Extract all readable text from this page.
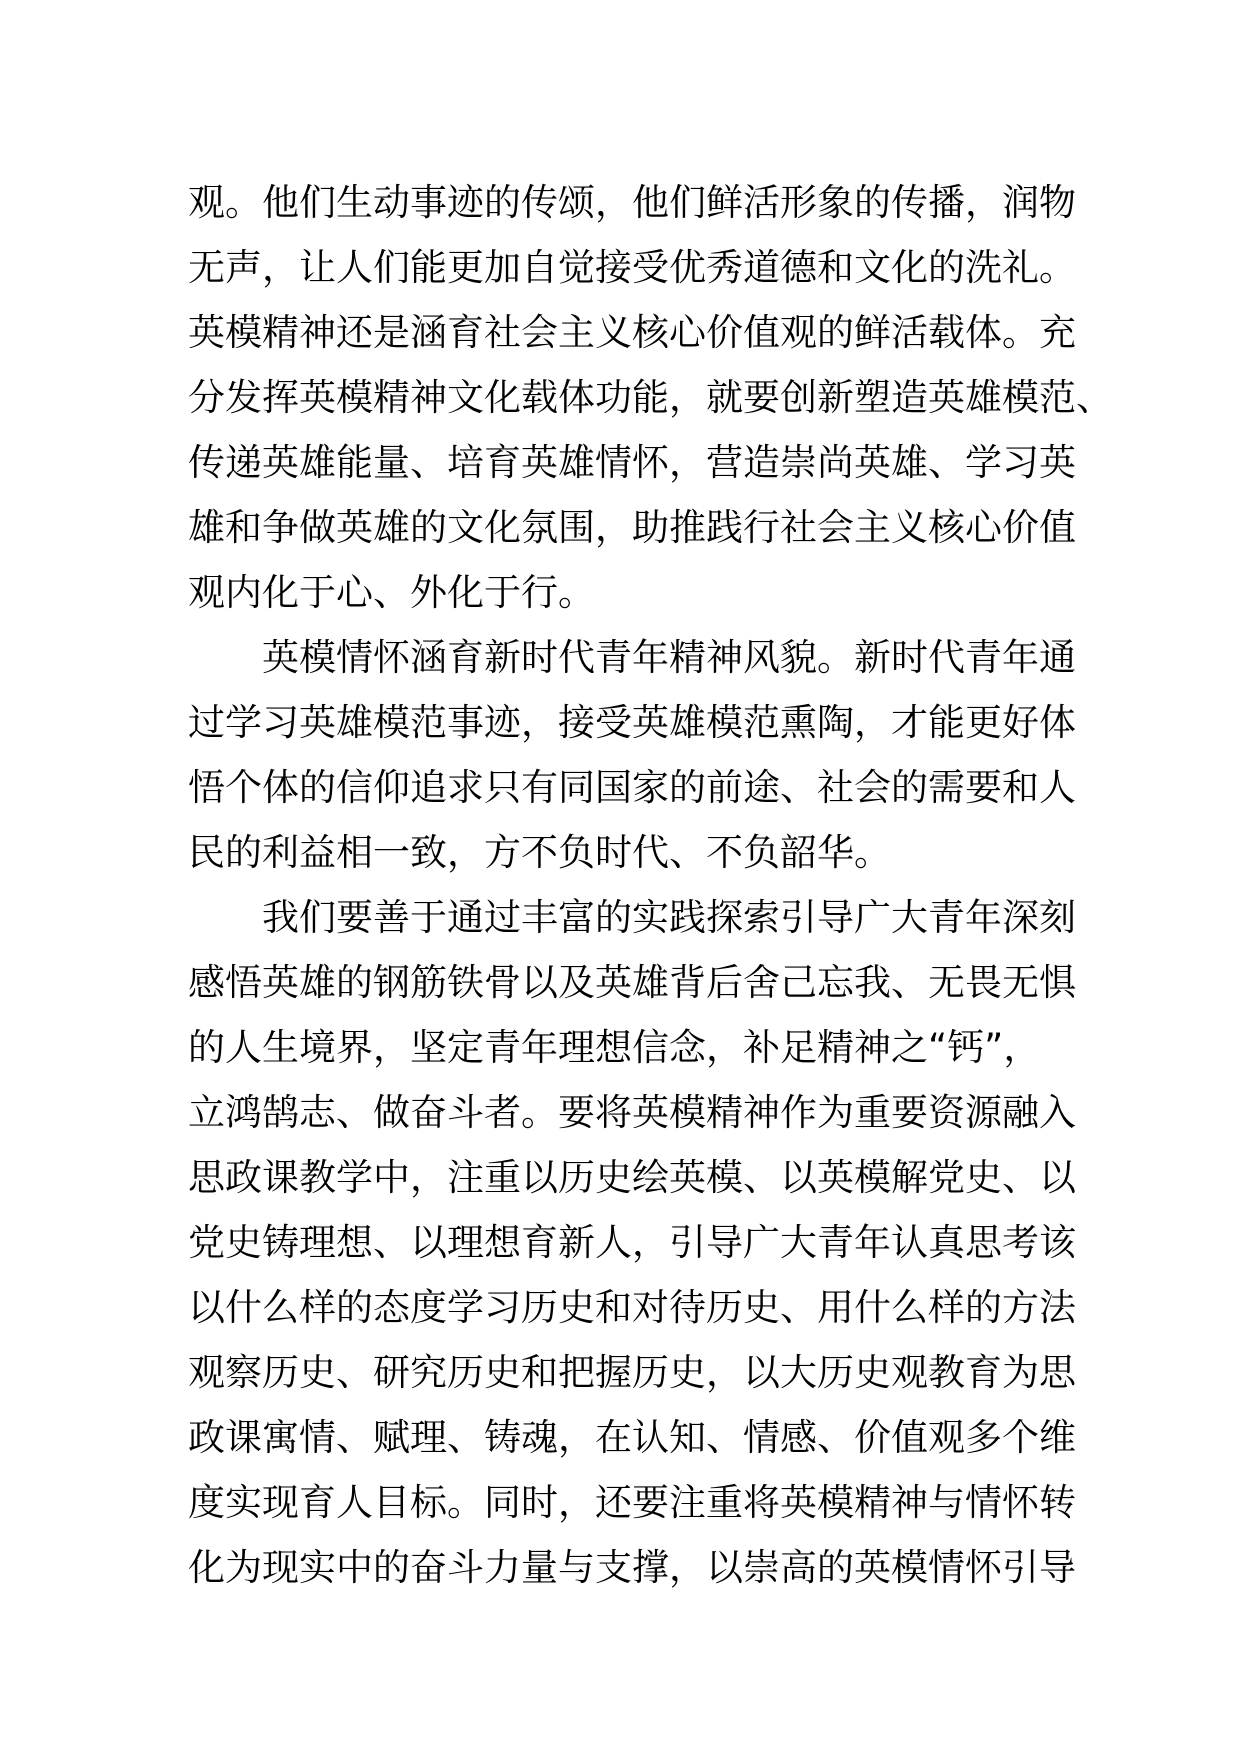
观。他们生动事迹的传颂，他们鲜活形象的传播，润物
无声，让人们能更加自觉接受优秀道德和文化的洗礼。
英模精神还是涵育社会主义核心价值观的鲜活载体。充
分发挥英模精神文化载体功能，就要创新塑造英雄模范、
传递英雄能量、培育英雄情怀，营造崇尚英雄、学习英
雄和争做英雄的文化氛围，助推践行社会主义核心价值
观内化于心、外化于行。
英模情怀涵育新时代青年精神风貌。新时代青年通
过学习英雄模范事迹，接受英雄模范熏陶，才能更好体
悟个体的信仰追求只有同国家的前途、社会的需要和人
民的利益相一致，方不负时代、不负韶华。
我们要善于通过丰富的实践探索引导广大青年深刻
感悟英雄的钢筋铁骨以及英雄背后舍己忘我、无畏无惧
的人生境界，坚定青年理想信念，补足精神之“钙”，
立鸿鹄志、做奋斗者。要将英模精神作为重要资源融入
思政课教学中，注重以历史绘英模、以英模解党史、以
党史铸理想、以理想育新人，引导广大青年认真思考该
以什么样的态度学习历史和对待历史、用什么样的方法
观察历史、研究历史和把握历史，以大历史观教育为思
政课寓情、赋理、铸魂，在认知、情感、价值观多个维
度实现育人目标。同时，还要注重将英模精神与情怀转
化为现实中的奋斗力量与支撑，以崇高的英模情怀引导
